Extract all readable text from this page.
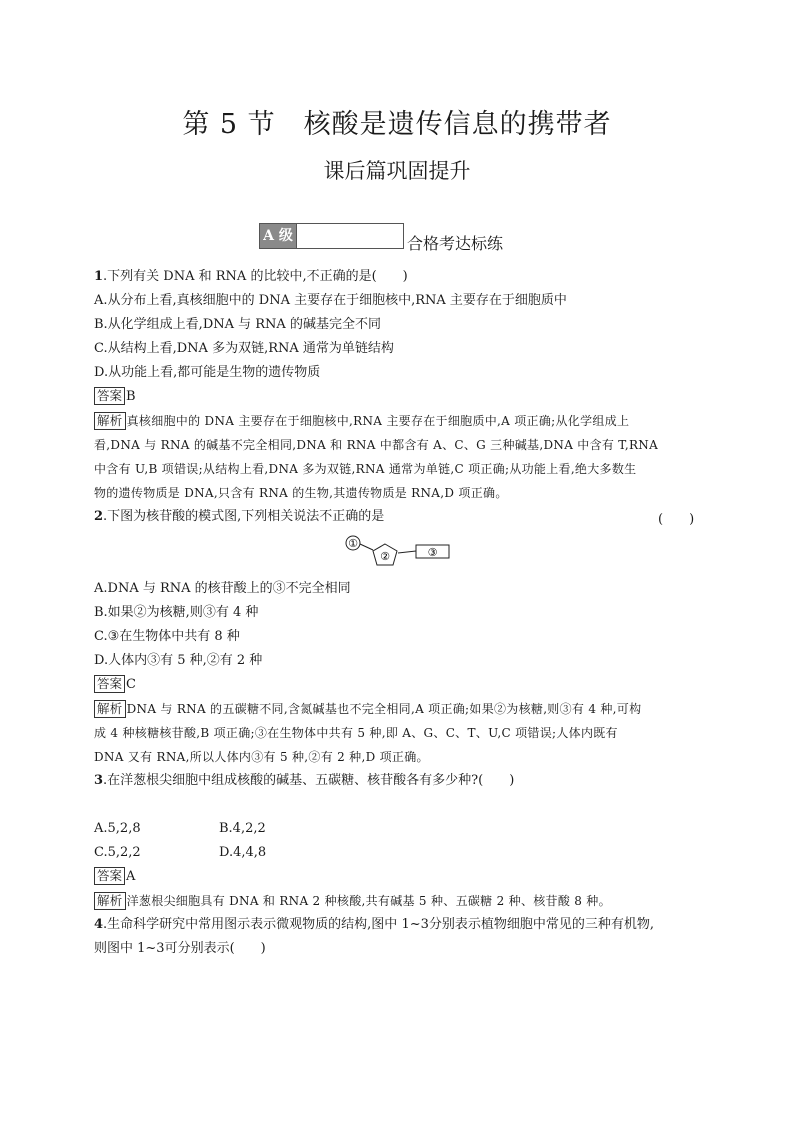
第 5 节　核酸是遗传信息的携带者
课后篇巩固提升
A 级	合格考达标练
1.下列有关 DNA 和 RNA 的比较中,不正确的是(　　)
A.从分布上看,真核细胞中的 DNA 主要存在于细胞核中,RNA 主要存在于细胞质中
B.从化学组成上看,DNA 与 RNA 的碱基完全不同
C.从结构上看,DNA 多为双链,RNA 通常为单链结构
D.从功能上看,都可能是生物的遗传物质
答案 B
解析 真核细胞中的 DNA 主要存在于细胞核中,RNA 主要存在于细胞质中,A 项正确;从化学组成上
看,DNA 与 RNA 的碱基不完全相同,DNA 和 RNA 中都含有 A、C、G 三种碱基,DNA 中含有 T,RNA
中含有 U,B 项错误;从结构上看,DNA 多为双链,RNA 通常为单链,C 项正确;从功能上看,绝大多数生
物的遗传物质是 DNA,只含有 RNA 的生物,其遗传物质是 RNA,D 项正确。
2.下图为核苷酸的模式图,下列相关说法不正确的是	(　　)
①
②	③
A.DNA 与 RNA 的核苷酸上的③不完全相同
B.如果②为核糖,则③有 4 种
C.③在生物体中共有 8 种
D.人体内③有 5 种,②有 2 种
答案 C
解析 DNA 与 RNA 的五碳糖不同,含氮碱基也不完全相同,A 项正确;如果②为核糖,则③有 4 种,可构
成 4 种核糖核苷酸,B 项正确;③在生物体中共有 5 种,即 A、G、C、T、U,C 项错误;人体内既有
DNA 又有 RNA,所以人体内③有 5 种,②有 2 种,D 项正确。
3.在洋葱根尖细胞中组成核酸的碱基、五碳糖、核苷酸各有多少种?(　　)
A.5,2,8	B.4,2,2
C.5,2,2	D.4,4,8
答案 A
解析 洋葱根尖细胞具有 DNA 和 RNA 2 种核酸,共有碱基 5 种、五碳糖 2 种、核苷酸 8 种。
4.生命科学研究中常用图示表示微观物质的结构,图中 1~3分别表示植物细胞中常见的三种有机物,
则图中 1~3可分别表示(　　)
